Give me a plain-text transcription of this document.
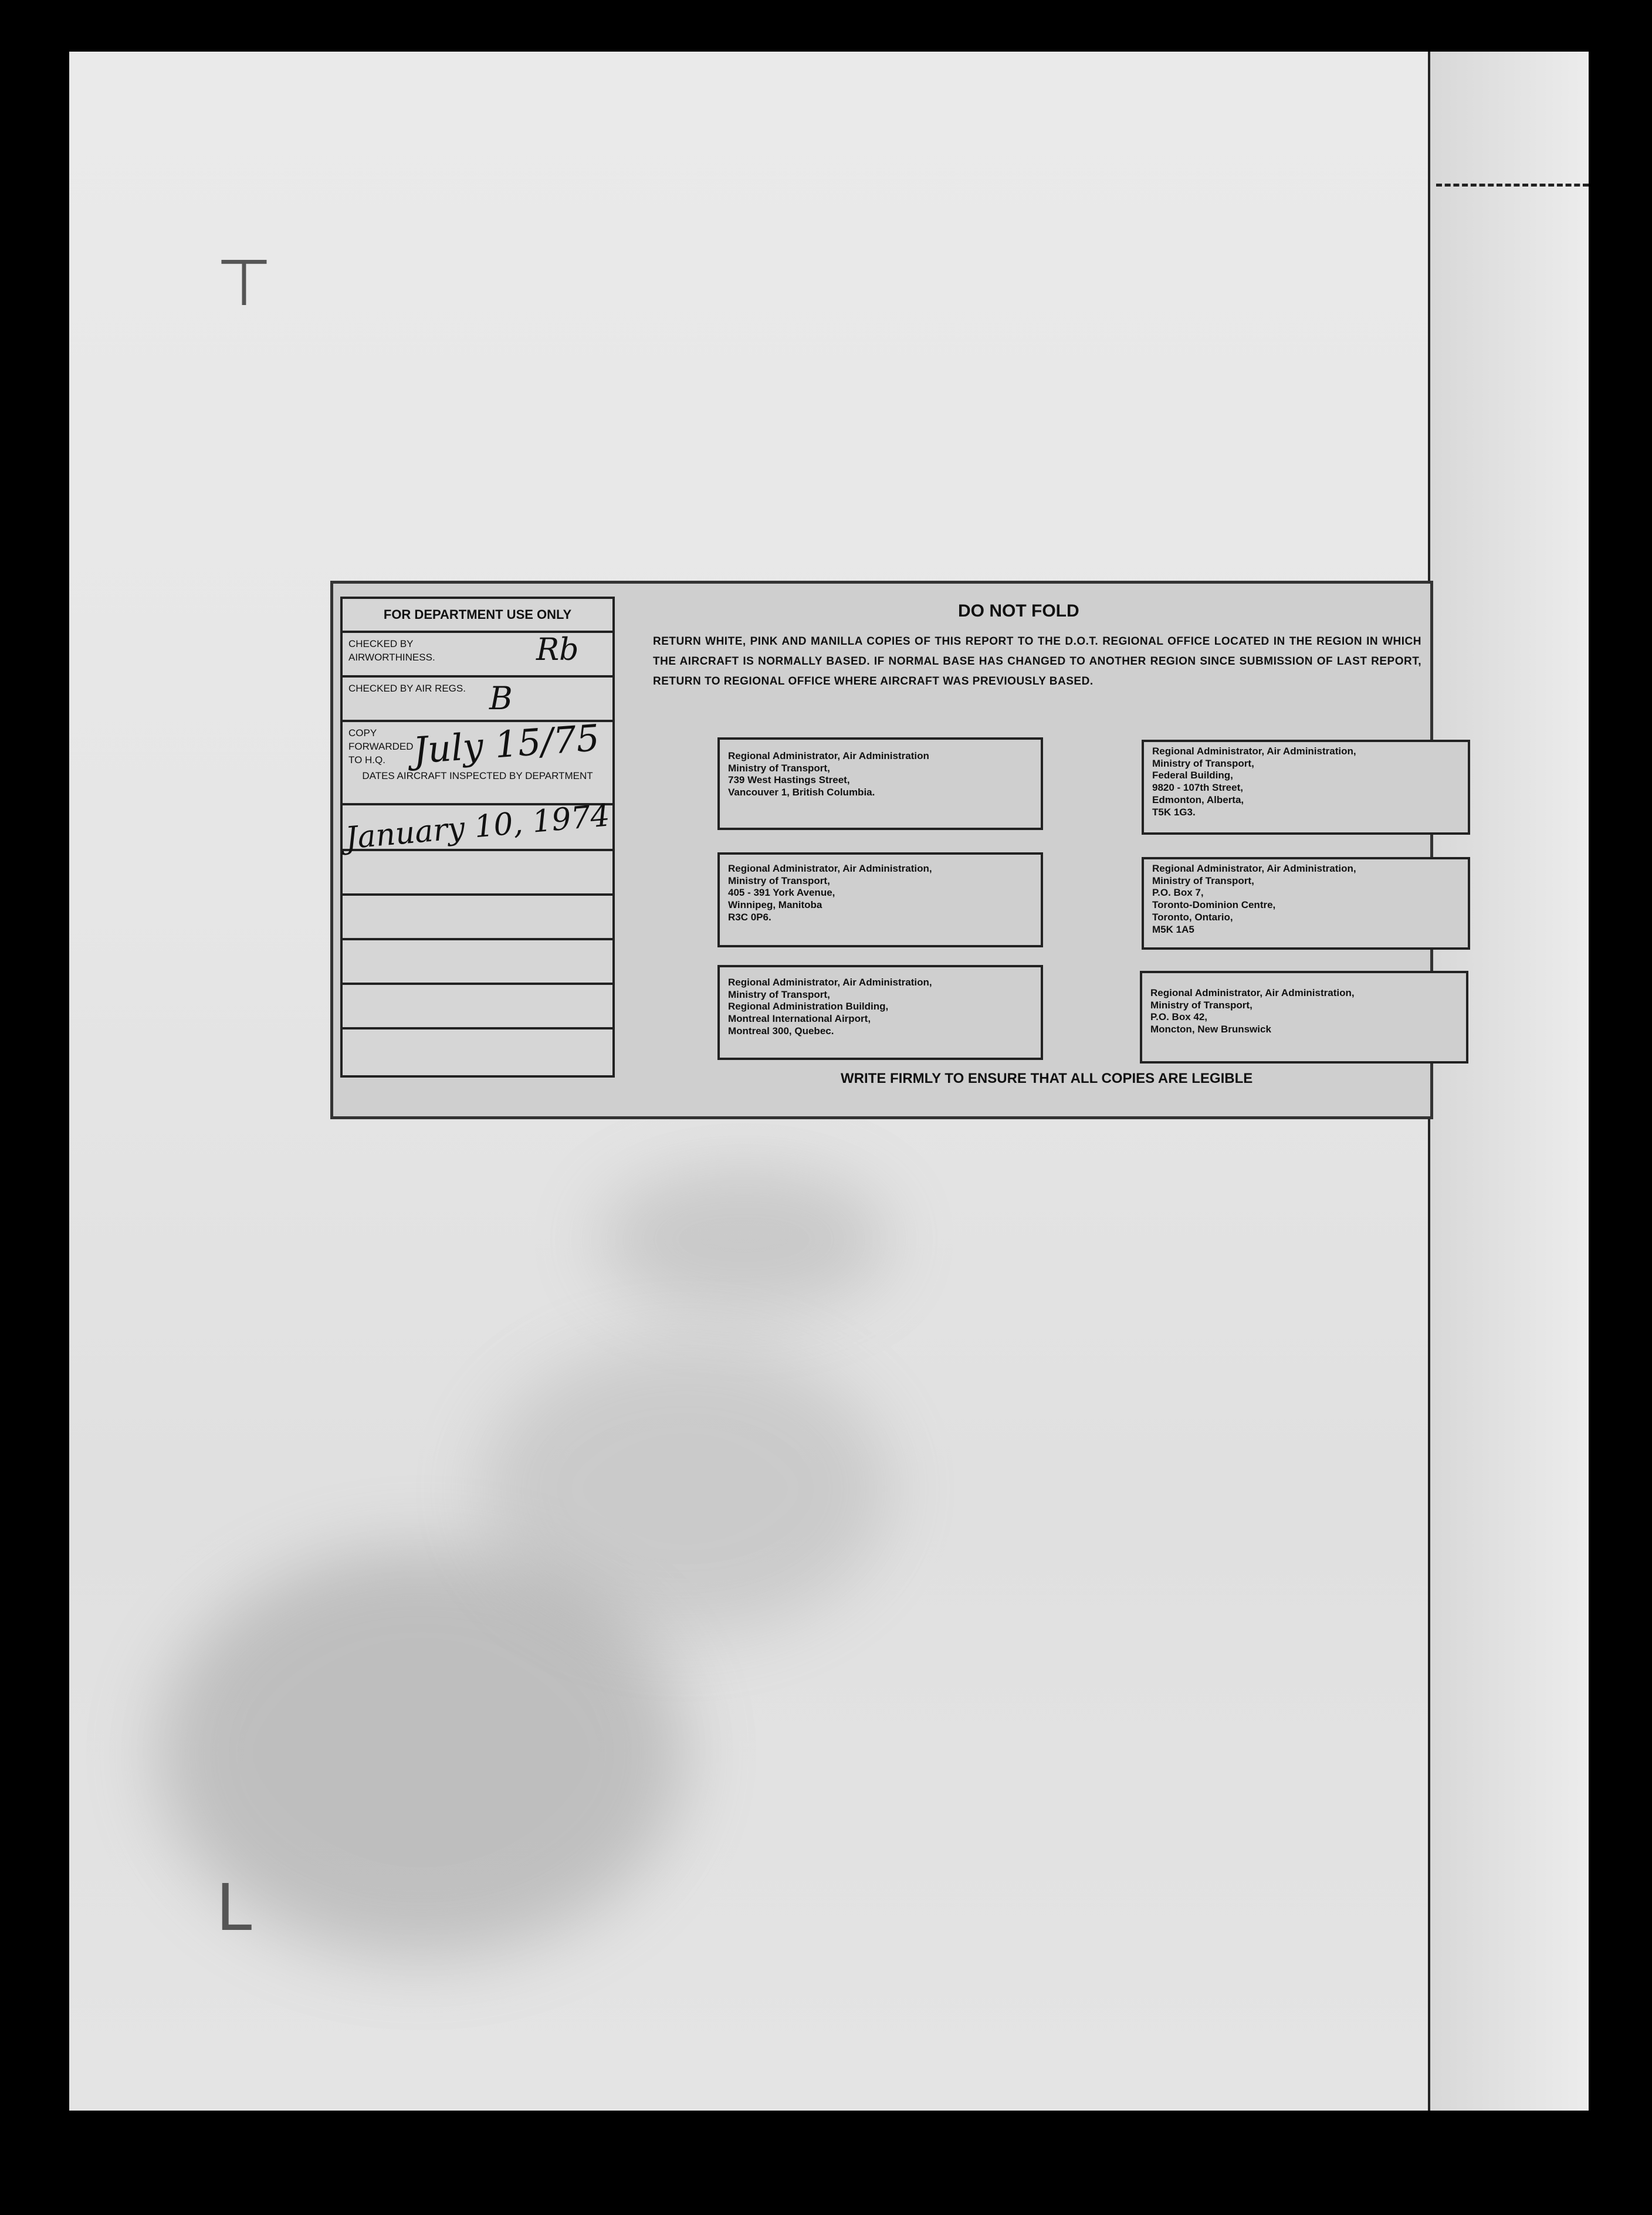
⊤
L
FOR DEPARTMENT USE ONLY
CHECKED BY AIRWORTHINESS.	Rb
CHECKED BY AIR REGS. B
COPY FORWARDED TO H.Q. July 15/75
DATES AIRCRAFT INSPECTED BY DEPARTMENT
January 10, 1974
DO NOT FOLD
RETURN WHITE, PINK AND MANILLA COPIES OF THIS REPORT TO THE D.O.T. REGIONAL OFFICE LOCATED IN THE REGION IN WHICH THE AIRCRAFT IS NORMALLY BASED. IF NORMAL BASE HAS CHANGED TO ANOTHER REGION SINCE SUBMISSION OF LAST REPORT, RETURN TO REGIONAL OFFICE WHERE AIRCRAFT WAS PREVIOUSLY BASED.
Regional Administrator, Air Administration
Ministry of Transport,
739 West Hastings Street,
Vancouver 1, British Columbia.
Regional Administrator, Air Administration,
Ministry of Transport,
Federal Building,
9820 - 107th Street,
Edmonton, Alberta,
T5K 1G3.
Regional Administrator, Air Administration,
Ministry of Transport,
405 - 391 York Avenue,
Winnipeg, Manitoba
R3C 0P6.
Regional Administrator, Air Administration,
Ministry of Transport,
P.O. Box 7,
Toronto-Dominion Centre,
Toronto, Ontario,
M5K 1A5
Regional Administrator, Air Administration,
Ministry of Transport,
Regional Administration Building,
Montreal International Airport,
Montreal 300, Quebec.
Regional Administrator, Air Administration,
Ministry of Transport,
P.O. Box 42,
Moncton, New Brunswick
WRITE FIRMLY TO ENSURE THAT ALL COPIES ARE LEGIBLE
